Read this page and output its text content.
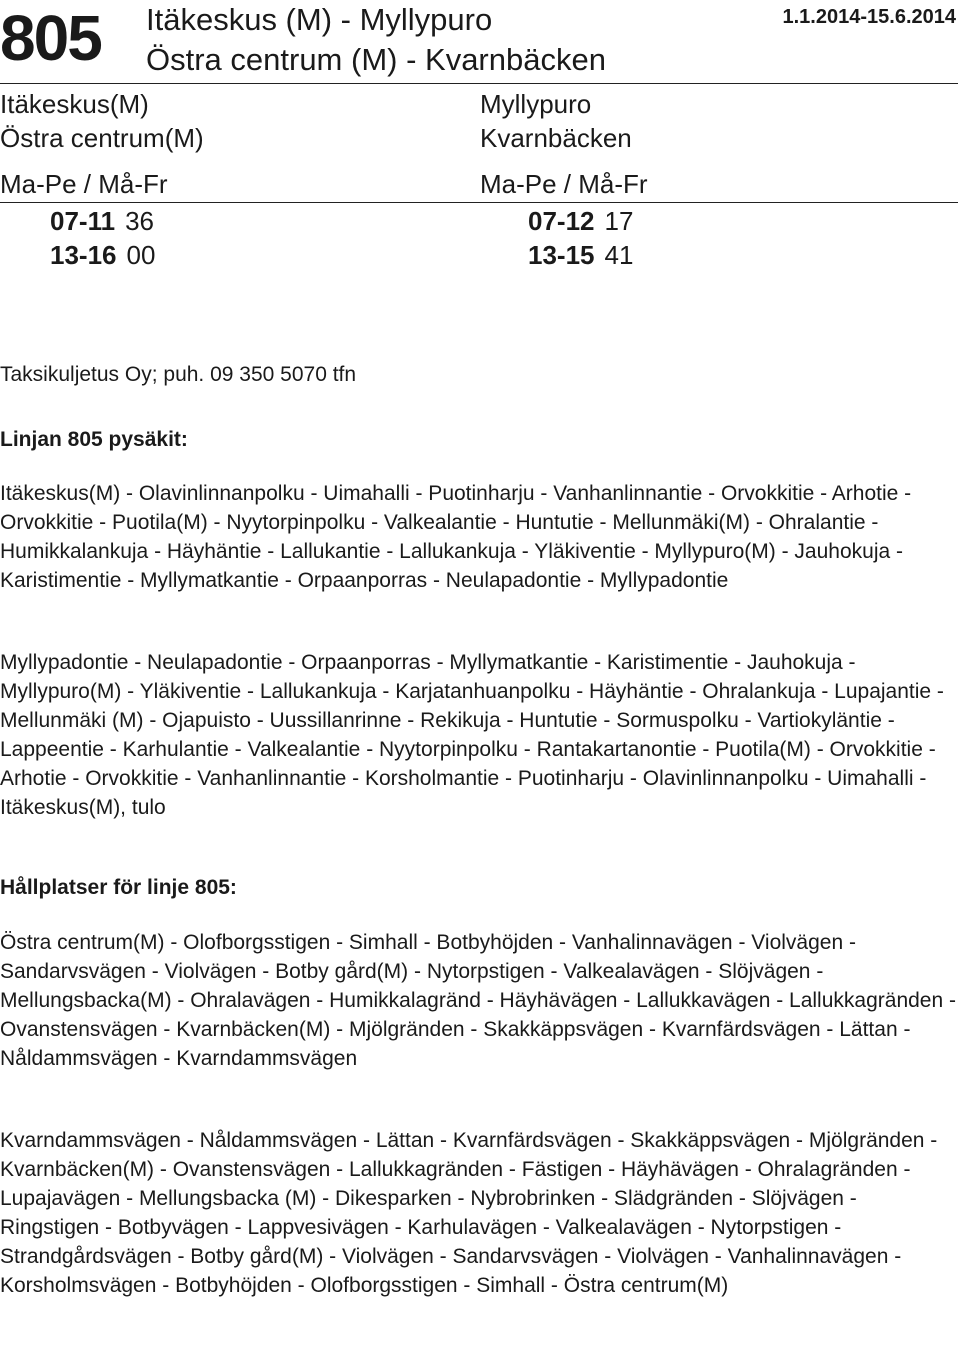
805 Itäkeskus (M) - Myllypuro
Östra centrum (M) - Kvarnbäcken
1.1.2014-15.6.2014
Itäkeskus(M)
Östra centrum(M)
Ma-Pe / Må-Fr
Myllypuro
Kvarnbäcken
Ma-Pe / Må-Fr
07-11 36
13-16 00
07-12 17
13-15 41
Taksikuljetus Oy; puh. 09 350 5070 tfn
Linjan 805 pysäkit:
Itäkeskus(M) - Olavinlinnanpolku - Uimahalli - Puotinharju - Vanhanlinnantie - Orvokkitie - Arhotie - Orvokkitie - Puotila(M) - Nyytorpinpolku - Valkealantie - Huntutie - Mellunmäki(M) - Ohralantie - Humikkalankuja - Häyhäntie - Lallukantie - Lallukankuja - Yläkiventie - Myllypuro(M) - Jauhokuja - Karistimentie - Myllymatkantie - Orpaanporras - Neulapadontie - Myllypadontie
Myllypadontie - Neulapadontie - Orpaanporras - Myllymatkantie - Karistimentie - Jauhokuja - Myllypuro(M) - Yläkiventie - Lallukankuja - Karjatanhuanpolku - Häyhäntie - Ohralankuja - Lupajantie - Mellunmäki (M) - Ojapuisto - Uussillanrinne - Rekikuja - Huntutie - Sormuspolku - Vartiokyläntie - Lappeentie - Karhulantie - Valkealantie - Nyytorpinpolku - Rantakartanontie - Puotila(M) - Orvokkitie - Arhotie - Orvokkitie - Vanhanlinnantie - Korsholmantie - Puotinharju - Olavinlinnanpolku - Uimahalli - Itäkeskus(M), tulo
Hållplatser för linje 805:
Östra centrum(M) - Olofborgsstigen - Simhall - Botbyhöjden - Vanhalinnavägen - Violvägen - Sandarvsvägen - Violvägen - Botby gård(M) - Nytorpstigen - Valkealavägen - Slöjvägen - Mellungsbacka(M) - Ohralavägen - Humikkalagränd - Häyhävägen - Lallukkavägen - Lallukkagränden - Ovanstensvägen - Kvarnbäcken(M) - Mjölgränden - Skakkäppsvägen - Kvarnfärdsvägen - Lättan - Nåldammsvägen - Kvarndammsvägen
Kvarndammsvägen - Nåldammsvägen - Lättan - Kvarnfärdsvägen - Skakkäppsvägen - Mjölgränden - Kvarnbäcken(M) - Ovanstensvägen - Lallukkagränden - Fästigen - Häyhävägen - Ohralagränden - Lupajavägen - Mellungsbacka (M) - Dikesparken - Nybrobrinken - Slädgränden - Slöjvägen - Ringstigen - Botbyvägen - Lappvesivägen - Karhulavägen - Valkealavägen - Nytorpstigen - Strandgårdsvägen - Botby gård(M) - Violvägen - Sandarvsvägen - Violvägen - Vanhalinnavägen - Korsholmsvägen - Botbyhöjden - Olofborgsstigen - Simhall - Östra centrum(M)
